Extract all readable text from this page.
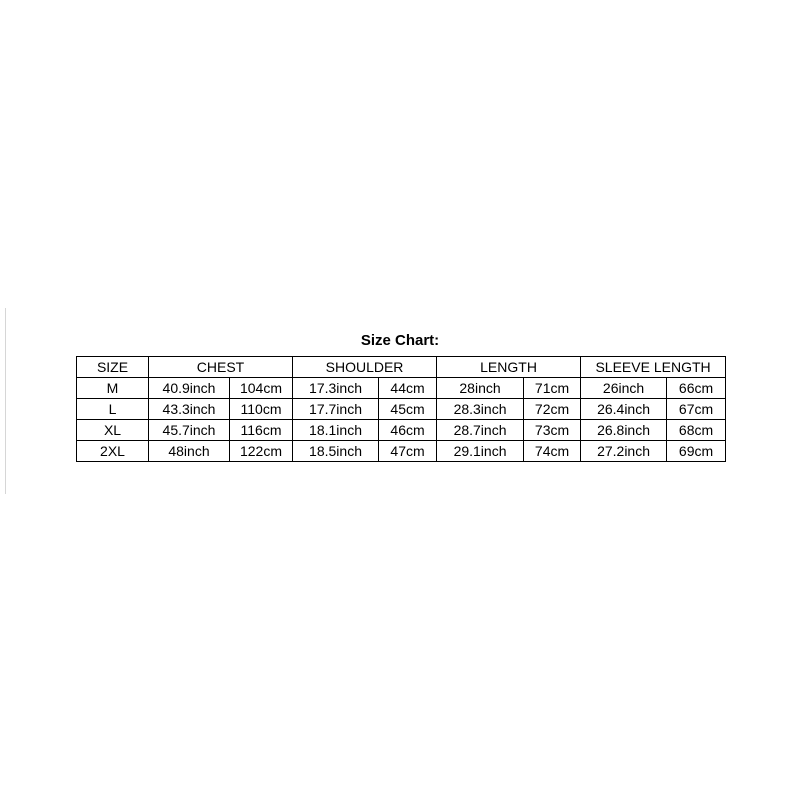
Size Chart:
SIZE	CHEST		SHOULDER		LENGTH		SLEEVE LENGTH	
M	40.9inch	104cm	17.3inch	44cm	28inch	71cm	26inch	66cm
L	43.3inch	110cm	17.7inch	45cm	28.3inch	72cm	26.4inch	67cm
XL	45.7inch	116cm	18.1inch	46cm	28.7inch	73cm	26.8inch	68cm
2XL	48inch	122cm	18.5inch	47cm	29.1inch	74cm	27.2inch	69cm
